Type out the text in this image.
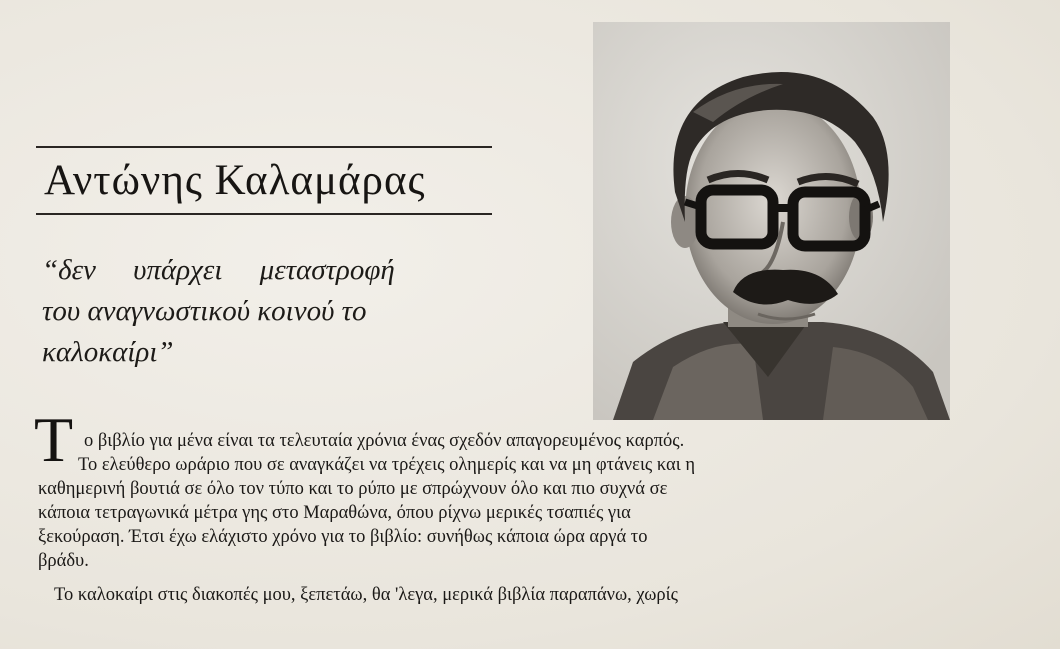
Αντώνης Καλαμάρας
“δεν υπάρχει μεταστροφή
του αναγνωστικού κοινού το
καλοκαίρι”
Τ ο βιβλίο για μένα είναι τα τελευταία χρόνια ένας σχεδόν απαγορευμένος καρπός.
Το ελεύθερο ωράριο που σε αναγκάζει να τρέχεις ολημερίς και να μη φτάνεις και η
καθημερινή βουτιά σε όλο τον τύπο και το ρύπο με σπρώχνουν όλο και πιο συχνά σε
κάποια τετραγωνικά μέτρα γης στο Μαραθώνα, όπου ρίχνω μερικές τσαπιές για
ξεκούραση. Έτσι έχω ελάχιστο χρόνο για το βιβλίο: συνήθως κάποια ώρα αργά το
βράδυ.
Το καλοκαίρι στις διακοπές μου, ξεπετάω, θα 'λεγα, μερικά βιβλία παραπάνω, χωρίς
